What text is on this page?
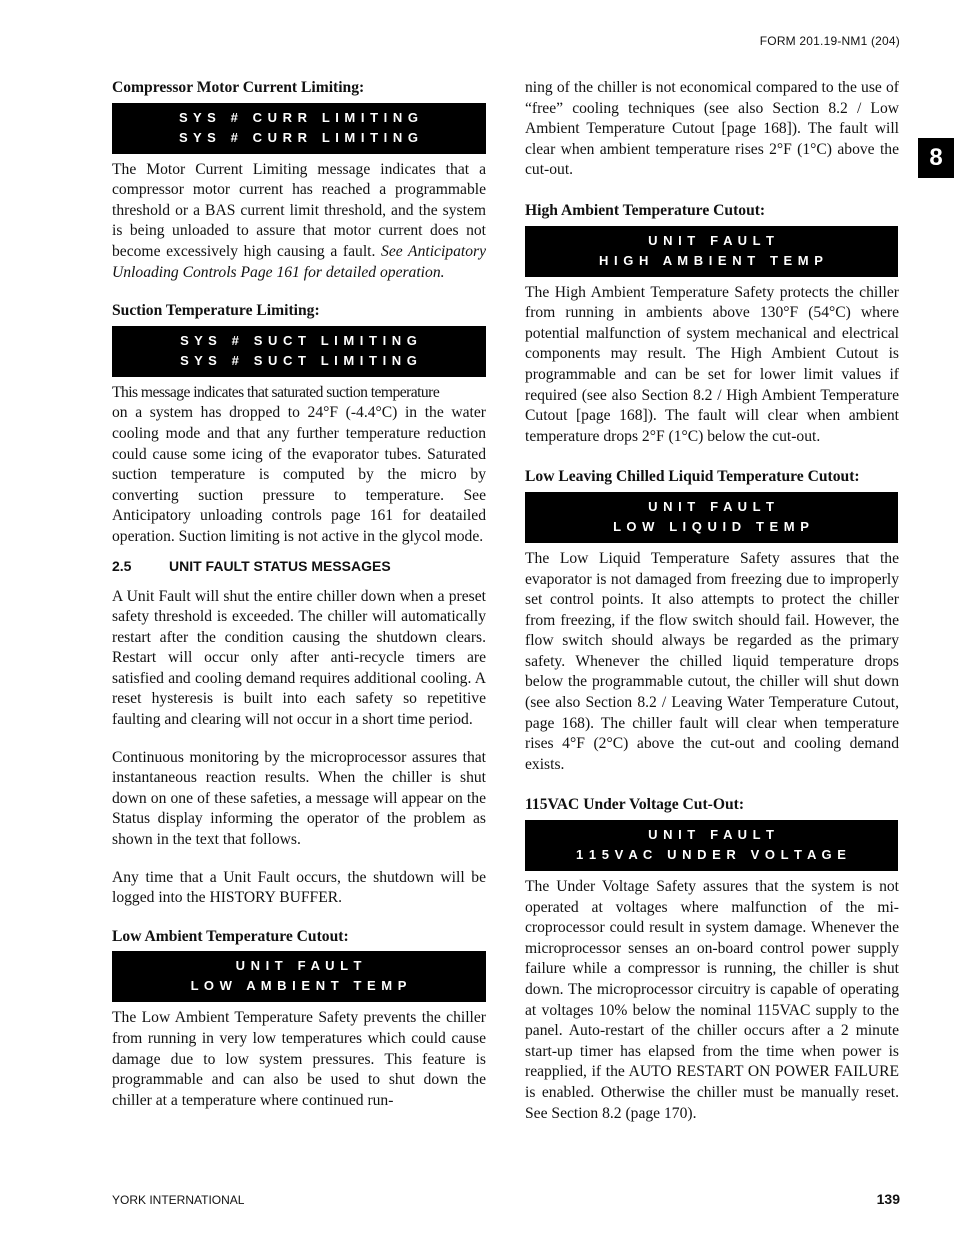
FORM 201.19-NM1 (204)
8
Compressor Motor Current Limiting:
S Y S   #   C U R R   L I M I T I N G
S Y S   #   C U R R   L I M I T I N G

The Motor Current Limiting message indicates that a compressor motor current has reached a programmable threshold or a BAS current limit threshold, and the system is being unloaded to assure that motor current does not become excessively high causing a fault. See Anticipatory Unloading Controls Page 161 for detailed operation.

Suction Temperature Limiting:
S Y S   #   S U C T   L I M I T I N G
S Y S   #   S U C T   L I M I T I N G

This message indicates that saturated suction temperature

on a system has dropped to 24°F (-4.4°C) in the water cooling mode and that any further temperature reduction could cause some icing of the evaporator tubes. Saturated suction temperature is computed by the micro by converting suction pressure to temperature. See Anticipatory unloading controls page 161 for deatailed operation. Suction limiting is not active in the glycol mode.

2.5	UNIT FAULT STATUS MESSAGES

A Unit Fault will shut the entire chiller down when a preset safety threshold is exceeded. The chiller will automatically restart after the condition causing the shutdown clears. Restart will occur only after anti-recycle timers are satisfied and cooling demand requires additional cooling. A reset hysteresis is built into each safety so repetitive faulting and clearing will not occur in a short time period.

Continuous monitoring by the microprocessor assures that instantaneous reaction results. When the chiller is shut down on one of these safeties, a message will appear on the Status display informing the operator of the problem as shown in the text that follows.

Any time that a Unit Fault occurs, the shutdown will be logged into the HISTORY BUFFER.

Low Ambient Temperature Cutout:
U N I T   F A U L T
L O W   A M B I E N T   T E M P

The Low Ambient Temperature Safety prevents the chiller from running in very low temperatures which could cause damage due to low system pressures. This feature is programmable and can also be used to shut down the chiller at a temperature where continued run-

ning of the chiller is not economical compared to the use of “free” cooling techniques (see also Section 8.2 / Low Ambient Temperature Cutout [page 168]). The fault will clear when ambient temperature rises 2°F (1°C) above the cut-out.

High Ambient Temperature Cutout:
U N I T   F A U L T
H I G H   A M B I E N T   T E M P

The High Ambient Temperature Safety protects the chiller from running in ambients above 130°F (54°C) where potential malfunction of system mechanical and electrical components may result. The High Ambient Cutout is programmable and can be set for lower limit values if required (see also Section 8.2 / High Ambient Temperature Cutout [page 168]). The fault will clear when ambient temperature drops 2°F (1°C) below the cut-out.

Low Leaving Chilled Liquid Temperature Cutout:
U N I T   F A U L T
L O W   L I Q U I D   T E M P

The Low Liquid Temperature Safety assures that the evaporator is not damaged from freezing due to improperly set control points. It also attempts to protect the chiller from freezing, if the flow switch should fail. However, the flow switch should always be regarded as the primary safety. Whenever the chilled liquid temperature drops below the programmable cutout, the chiller will shut down (see also Section 8.2 / Leaving Water Temperature Cutout, page 168). The chiller fault will clear when temperature rises 4°F (2°C) above the cut-out and cooling demand exists.

115VAC Under Voltage Cut-Out:
U N I T   F A U L T
1 1 5 V A C   U N D E R   V O L T A G E

The Under Voltage Safety assures that the system is not operated at voltages where malfunction of the microprocessor could result in system damage. Whenever the microprocessor senses an on-board control power supply failure while a compressor is running, the chiller is shut down. The microprocessor circuitry is capable of operating at voltages 10% below the nominal 115VAC supply to the panel. Auto-restart of the chiller occurs after a 2 minute start-up timer has elapsed from the time when power is reapplied, if the AUTO RESTART ON POWER FAILURE is enabled. Otherwise the chiller must be manually reset. See Section 8.2 (page 170).

YORK INTERNATIONAL	139
